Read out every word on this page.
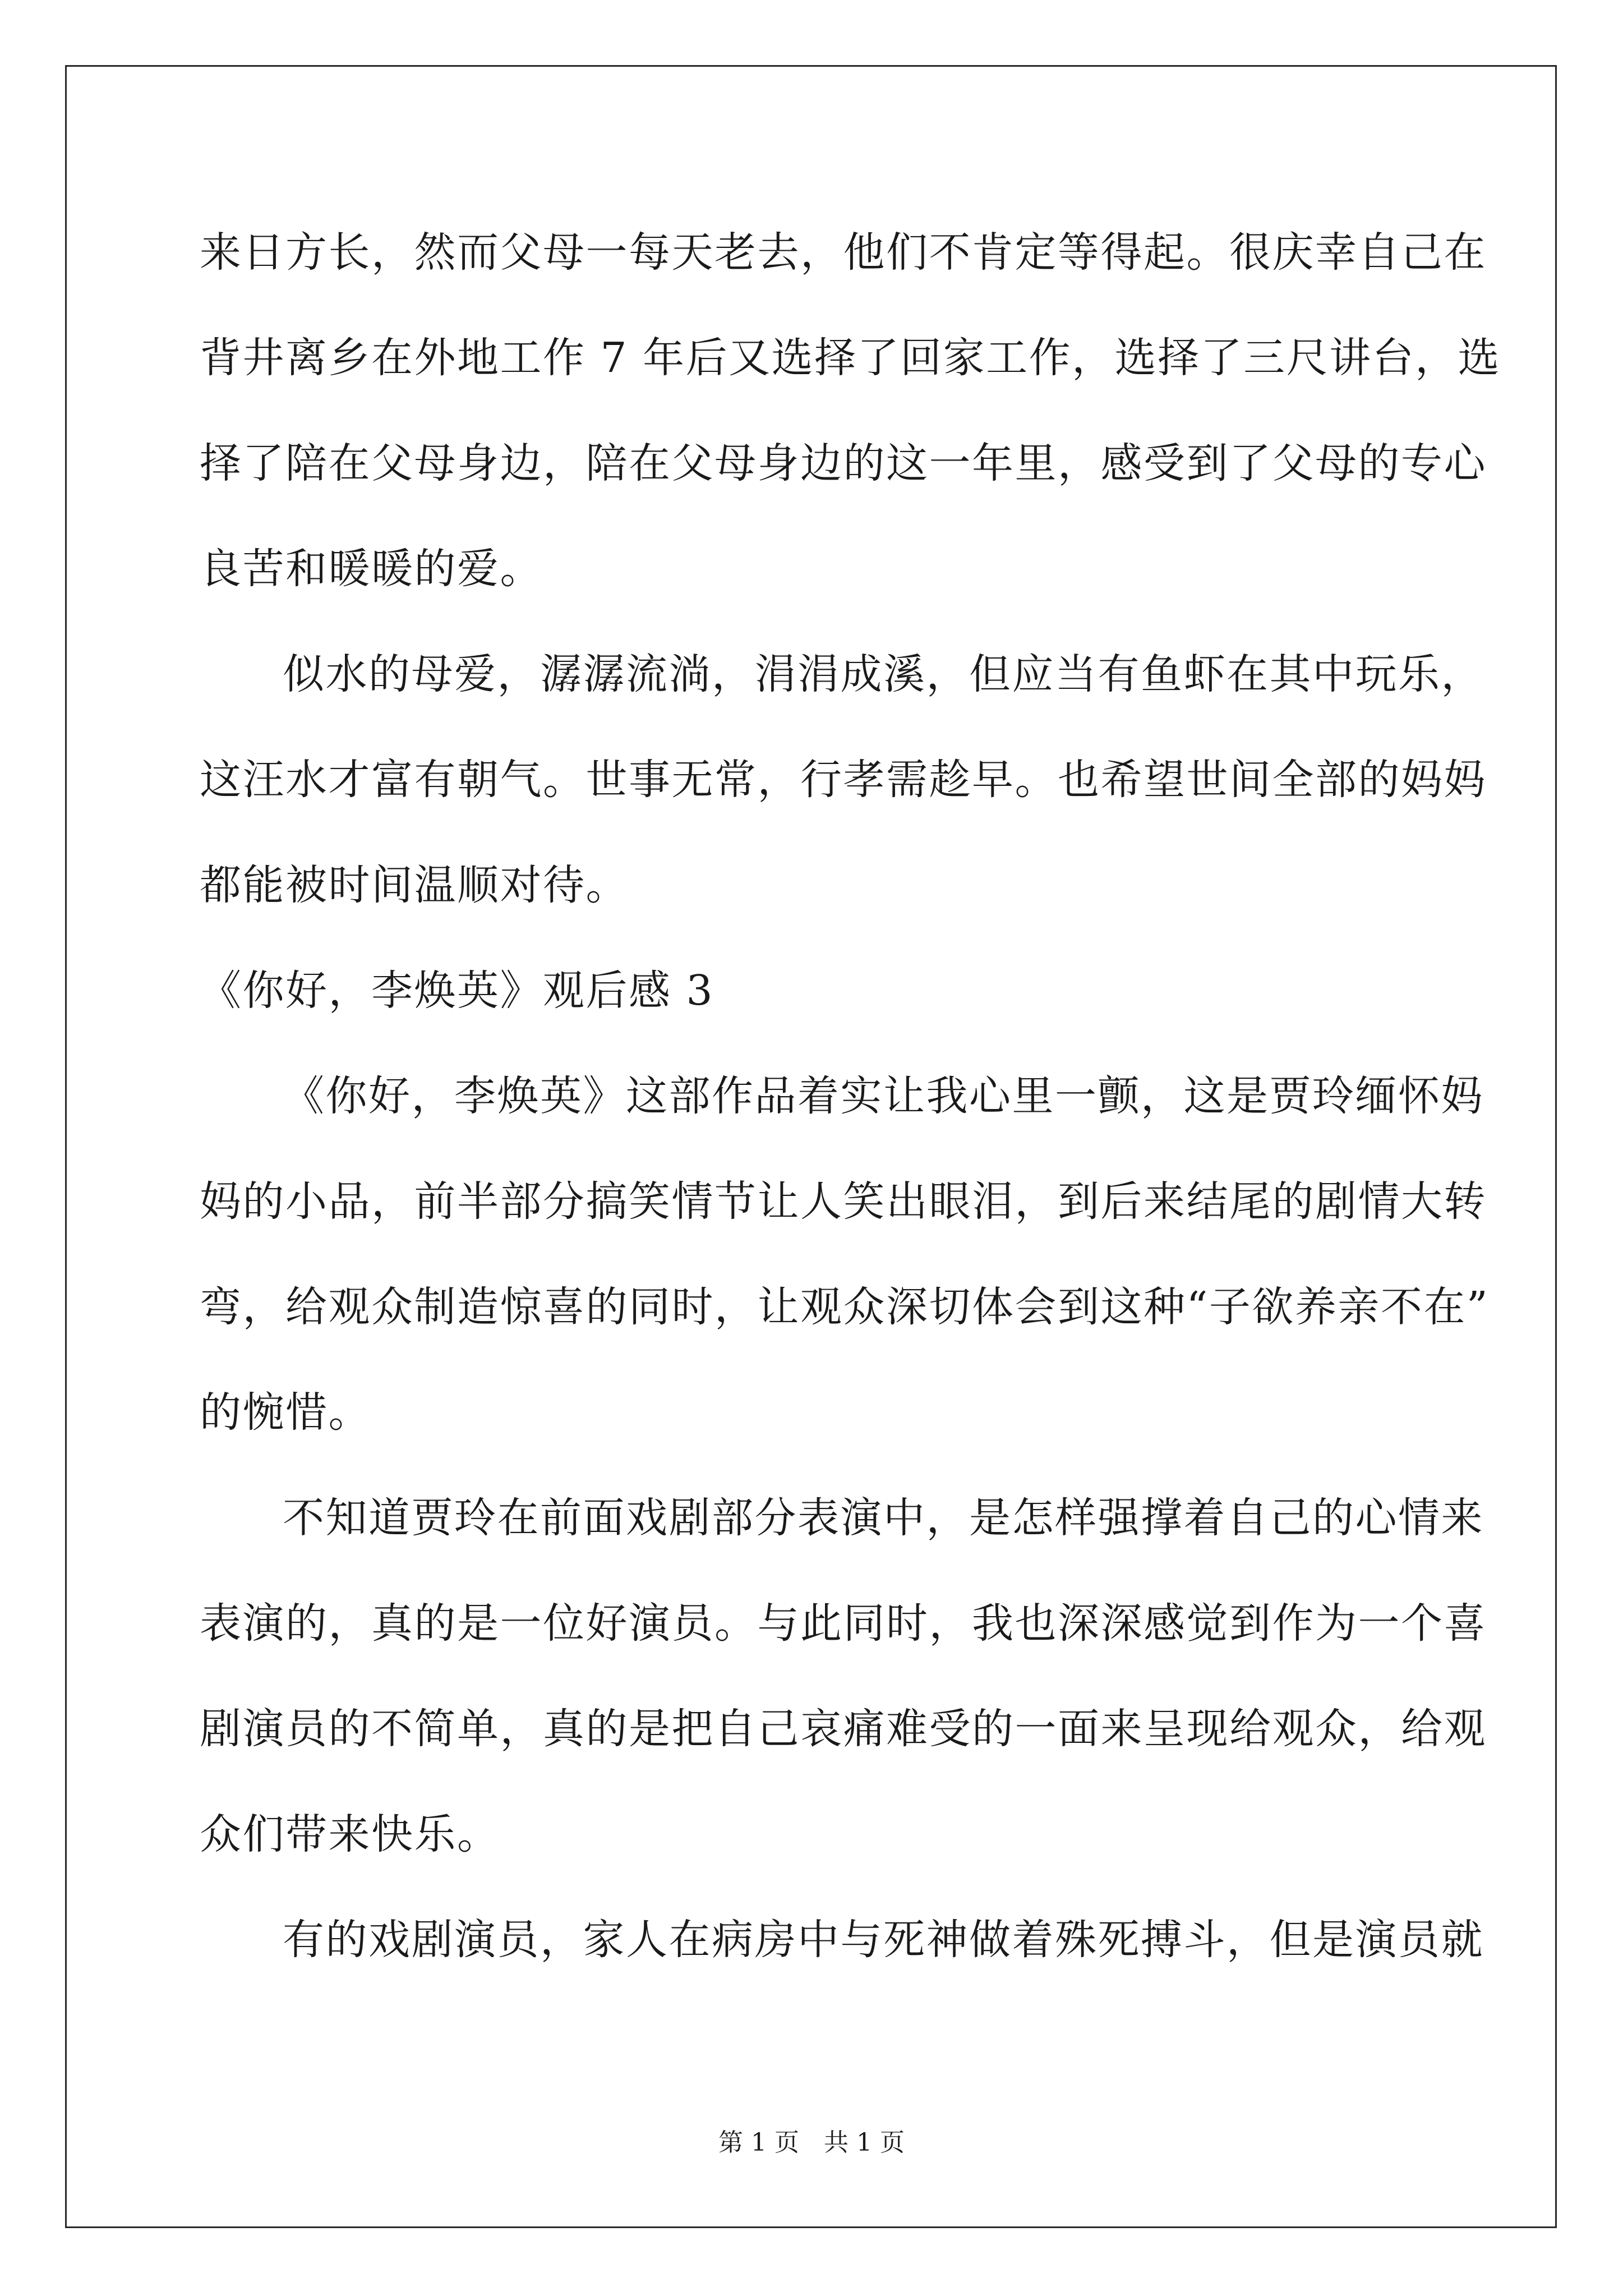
来日方长，然而父母一每天老去，他们不肯定等得起。很庆幸自己在
背井离乡在外地工作 7 年后又选择了回家工作，选择了三尺讲台，选
择了陪在父母身边，陪在父母身边的这一年里，感受到了父母的专心
良苦和暖暖的爱。
似水的母爱，潺潺流淌，涓涓成溪，但应当有鱼虾在其中玩乐，
这汪水才富有朝气。世事无常，行孝需趁早。也希望世间全部的妈妈
都能被时间温顺对待。
《你好，李焕英》观后感 3
《你好，李焕英》这部作品着实让我心里一颤，这是贾玲缅怀妈
妈的小品，前半部分搞笑情节让人笑出眼泪，到后来结尾的剧情大转
弯，给观众制造惊喜的同时，让观众深切体会到这种“子欲养亲不在”
的惋惜。
不知道贾玲在前面戏剧部分表演中，是怎样强撑着自己的心情来
表演的，真的是一位好演员。与此同时，我也深深感觉到作为一个喜
剧演员的不简单，真的是把自己哀痛难受的一面来呈现给观众，给观
众们带来快乐。
有的戏剧演员，家人在病房中与死神做着殊死搏斗，但是演员就
第 1 页　共 1 页
